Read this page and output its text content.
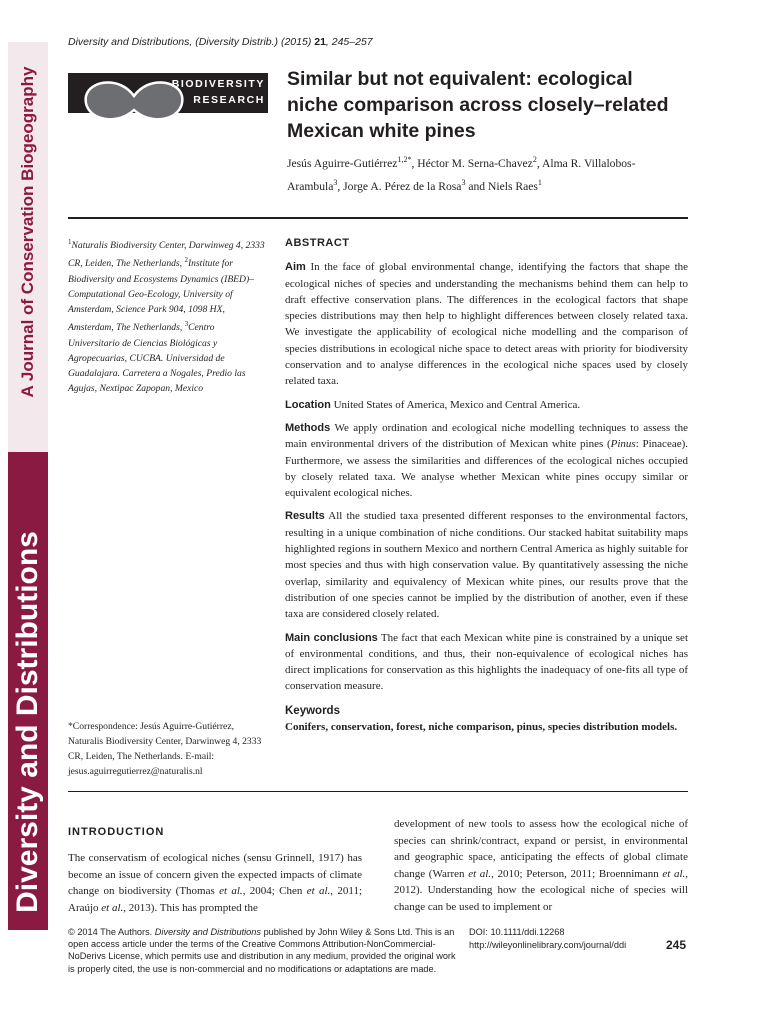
A Journal of Conservation Biogeography
Diversity and Distributions
Diversity and Distributions, (Diversity Distrib.) (2015) 21, 245–257
BIODIVERSITY
RESEARCH
Similar but not equivalent: ecological niche comparison across closely–related Mexican white pines
Jesús Aguirre-Gutiérrez$^{1,2*}$, Héctor M. Serna-Chavez$^2$, Alma R. Villalobos-Arambula$^3$, Jorge A. Pérez de la Rosa$^3$ and Niels Raes$^1$
$^1$Naturalis Biodiversity Center, Darwinweg 4, 2333 CR, Leiden, The Netherlands, $^2$Institute for Biodiversity and Ecosystems Dynamics (IBED)–Computational Geo-Ecology, University of Amsterdam, Science Park 904, 1098 HX, Amsterdam, The Netherlands, $^3$Centro Universitario de Ciencias Biológicas y Agropecuarias, CUCBA. Universidad de Guadalajara. Carretera a Nogales, Predio las Agujas, Nextipac Zapopan, Mexico
*Correspondence: Jesús Aguirre-Gutiérrez, Naturalis Biodiversity Center, Darwinweg 4, 2333 CR, Leiden, The Netherlands. E-mail: jesus.aguirregutierrez@naturalis.nl
ABSTRACT

Aim In the face of global environmental change, identifying the factors that shape the ecological niches of species and understanding the mechanisms behind them can help to draft effective conservation plans. The differences in the ecological factors that shape species distributions may then help to highlight differences between closely related taxa. We investigate the applicability of ecological niche modelling and the comparison of species distributions in ecological niche space to detect areas with priority for biodiversity conservation and to analyse differences in the ecological niche spaces used by closely related taxa.

Location United States of America, Mexico and Central America.

Methods We apply ordination and ecological niche modelling techniques to assess the main environmental drivers of the distribution of Mexican white pines (Pinus: Pinaceae). Furthermore, we assess the similarities and differences of the ecological niches occupied by closely related taxa. We analyse whether Mexican white pines occupy similar or equivalent ecological niches.

Results All the studied taxa presented different responses to the environmental factors, resulting in a unique combination of niche conditions. Our stacked habitat suitability maps highlighted regions in southern Mexico and northern Central America as highly suitable for most species and thus with high conservation value. By quantitatively assessing the niche overlap, similarity and equivalency of Mexican white pines, our results prove that the distribution of one species cannot be implied by the distribution of another, even if these taxa are considered closely related.

Main conclusions The fact that each Mexican white pine is constrained by a unique set of environmental conditions, and thus, their non-equivalence of ecological niches has direct implications for conservation as this highlights the inadequacy of one-fits all type of conservation measure.

Keywords
Conifers, conservation, forest, niche comparison, pinus, species distribution models.
INTRODUCTION
The conservatism of ecological niches (sensu Grinnell, 1917) has become an issue of concern given the expected impacts of climate change on biodiversity (Thomas et al., 2004; Chen et al., 2011; Araújo et al., 2013). This has prompted the
development of new tools to assess how the ecological niche of species can shrink/contract, expand or persist, in environmental and geographic space, anticipating the effects of global climate change (Warren et al., 2010; Peterson, 2011; Broennimann et al., 2012). Understanding how the ecological niche of species will change can be used to implement or
© 2014 The Authors. Diversity and Distributions published by John Wiley & Sons Ltd. This is an open access article under the terms of the Creative Commons Attribution-NonCommercial-NoDerivs License, which permits use and distribution in any medium, provided the original work is properly cited, the use is non-commercial and no modifications or adaptations are made.
DOI: 10.1111/ddi.12268
http://wileyonlinelibrary.com/journal/ddi	245
